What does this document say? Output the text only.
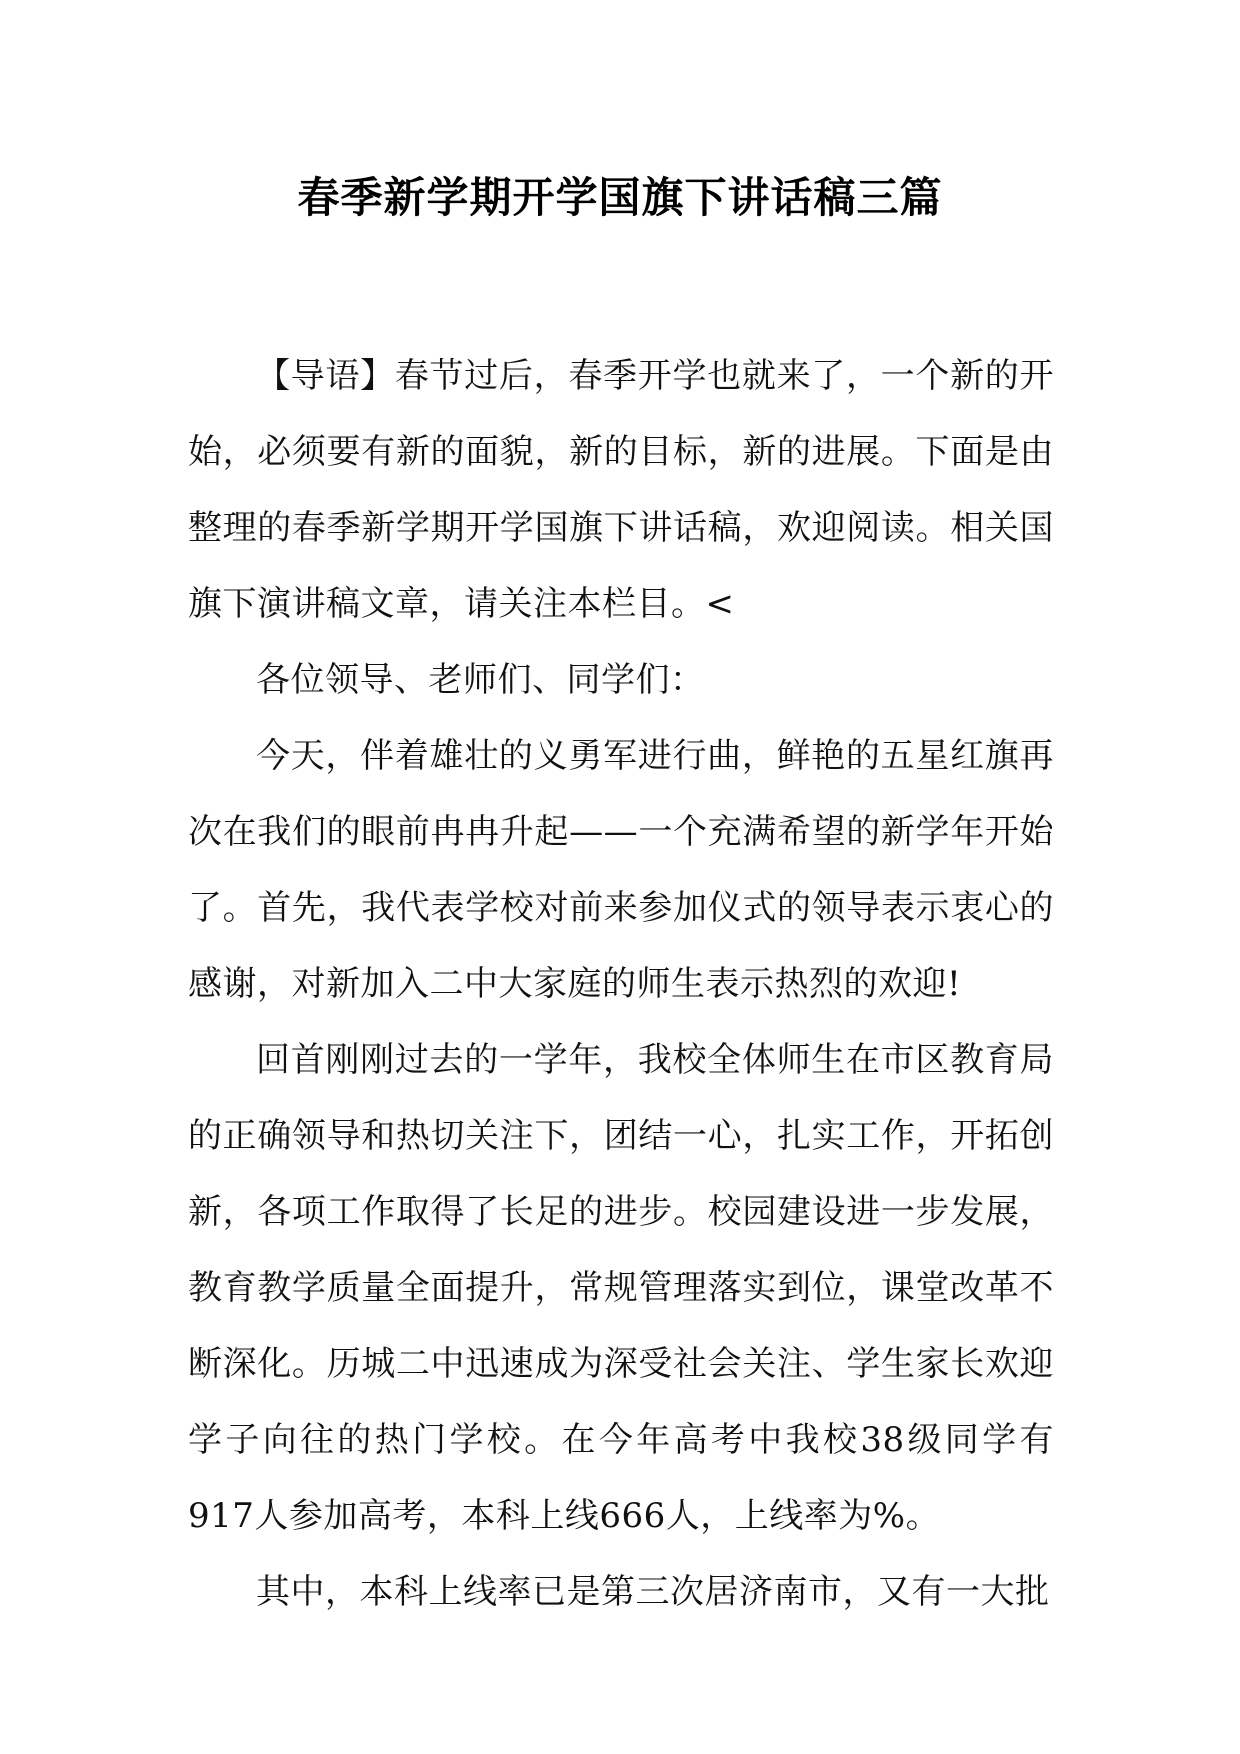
春季新学期开学国旗下讲话稿三篇

【导语】春节过后，春季开学也就来了，一个新的开始，必须要有新的面貌，新的目标，新的进展。下面是由整理的春季新学期开学国旗下讲话稿，欢迎阅读。相关国旗下演讲稿文章，请关注本栏目。<

各位领导、老师们、同学们：

今天，伴着雄壮的义勇军进行曲，鲜艳的五星红旗再次在我们的眼前冉冉升起——一个充满希望的新学年开始了。首先，我代表学校对前来参加仪式的领导表示衷心的感谢，对新加入二中大家庭的师生表示热烈的欢迎!

回首刚刚过去的一学年，我校全体师生在市区教育局的正确领导和热切关注下，团结一心，扎实工作，开拓创新，各项工作取得了长足的进步。校园建设进一步发展，教育教学质量全面提升，常规管理落实到位，课堂改革不断深化。历城二中迅速成为深受社会关注、学生家长欢迎学子向往的热门学校。在今年高考中我校38级同学有917人参加高考，本科上线666人，上线率为%。

其中，本科上线率已是第三次居济南市，又有一大批
